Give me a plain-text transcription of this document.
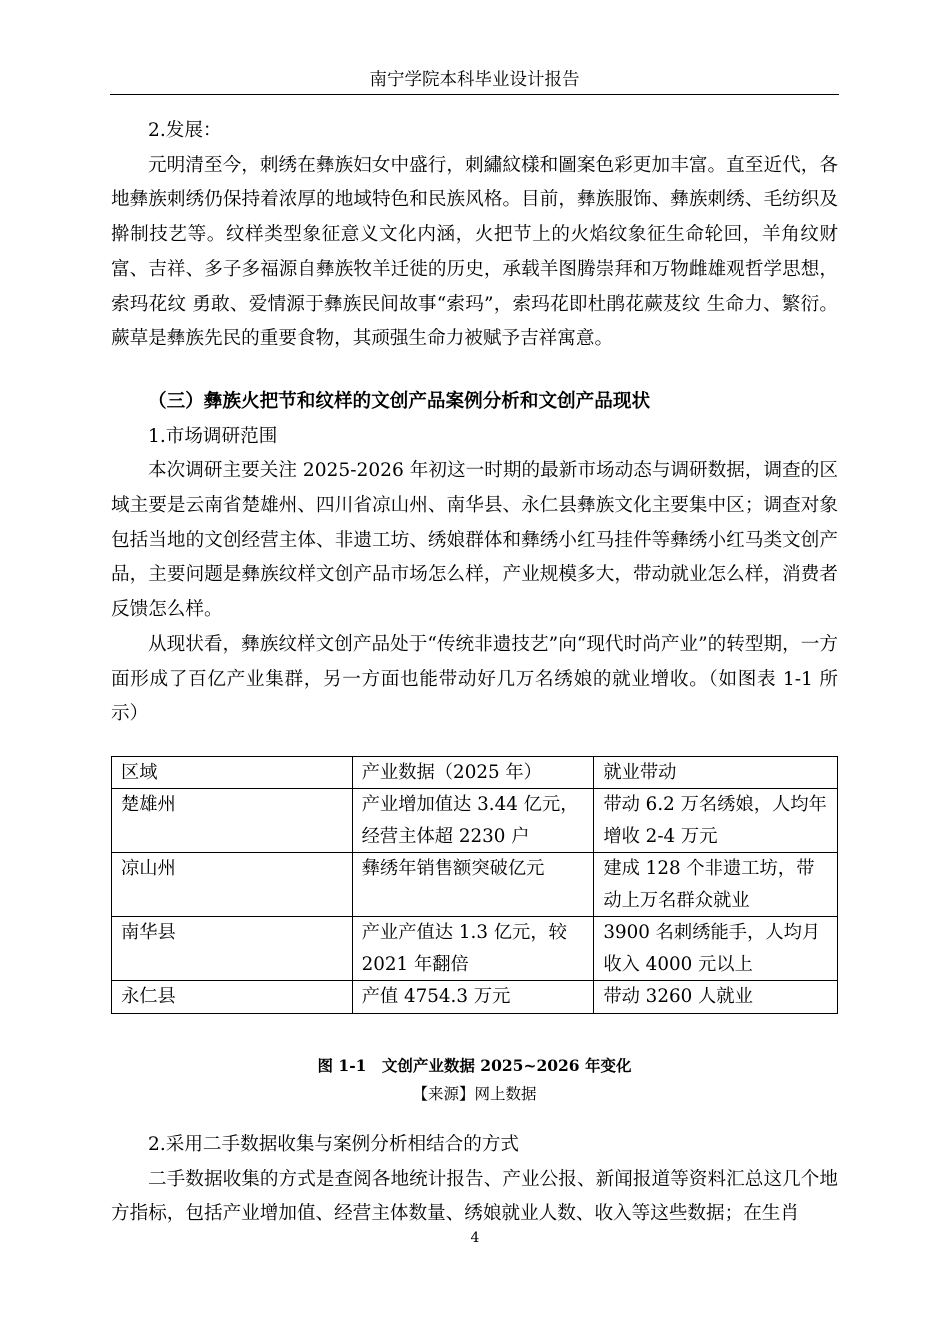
南宁学院本科毕业设计报告

2.发展：

元明清至今，刺绣在彝族妇女中盛行，刺繡紋樣和圖案色彩更加丰富。直至近代，各地彝族刺绣仍保持着浓厚的地域特色和民族风格。目前，彝族服饰、彝族刺绣、毛纺织及擀制技艺等。纹样类型象征意义文化内涵，火把节上的火焰纹象征生命轮回，羊角纹财富、吉祥、多子多福源自彝族牧羊迁徙的历史，承载羊图腾崇拜和万物雌雄观哲学思想，索玛花纹 勇敢、爱情源于彝族民间故事“索玛”，索玛花即杜鹃花蕨芨纹 生命力、繁衍。蕨草是彝族先民的重要食物，其顽强生命力被赋予吉祥寓意。

（三）彝族火把节和纹样的文创产品案例分析和文创产品现状

1.市场调研范围

本次调研主要关注 2025-2026 年初这一时期的最新市场动态与调研数据，调查的区域主要是云南省楚雄州、四川省凉山州、南华县、永仁县彝族文化主要集中区；调查对象包括当地的文创经营主体、非遗工坊、绣娘群体和彝绣小红马挂件等彝绣小红马类文创产品，主要问题是彝族纹样文创产品市场怎么样，产业规模多大，带动就业怎么样，消费者反馈怎么样。

从现状看，彝族纹样文创产品处于“传统非遗技艺”向“现代时尚产业”的转型期，一方面形成了百亿产业集群，另一方面也能带动好几万名绣娘的就业增收。（如图表 1-1 所示）

区域	产业数据（2025 年）	就业带动
楚雄州	产业增加值达 3.44 亿元，经营主体超 2230 户	带动 6.2 万名绣娘，人均年增收 2-4 万元
凉山州	彝绣年销售额突破亿元	建成 128 个非遗工坊，带动上万名群众就业
南华县	产业产值达 1.3 亿元，较 2021 年翻倍	3900 名刺绣能手，人均月收入 4000 元以上
永仁县	产值 4754.3 万元	带动 3260 人就业

图 1-1　文创产业数据 2025~2026 年变化

【来源】网上数据

2.采用二手数据收集与案例分析相结合的方式

二手数据收集的方式是查阅各地统计报告、产业公报、新闻报道等资料汇总这几个地方指标，包括产业增加值、经营主体数量、绣娘就业人数、收入等这些数据；在生肖

4
